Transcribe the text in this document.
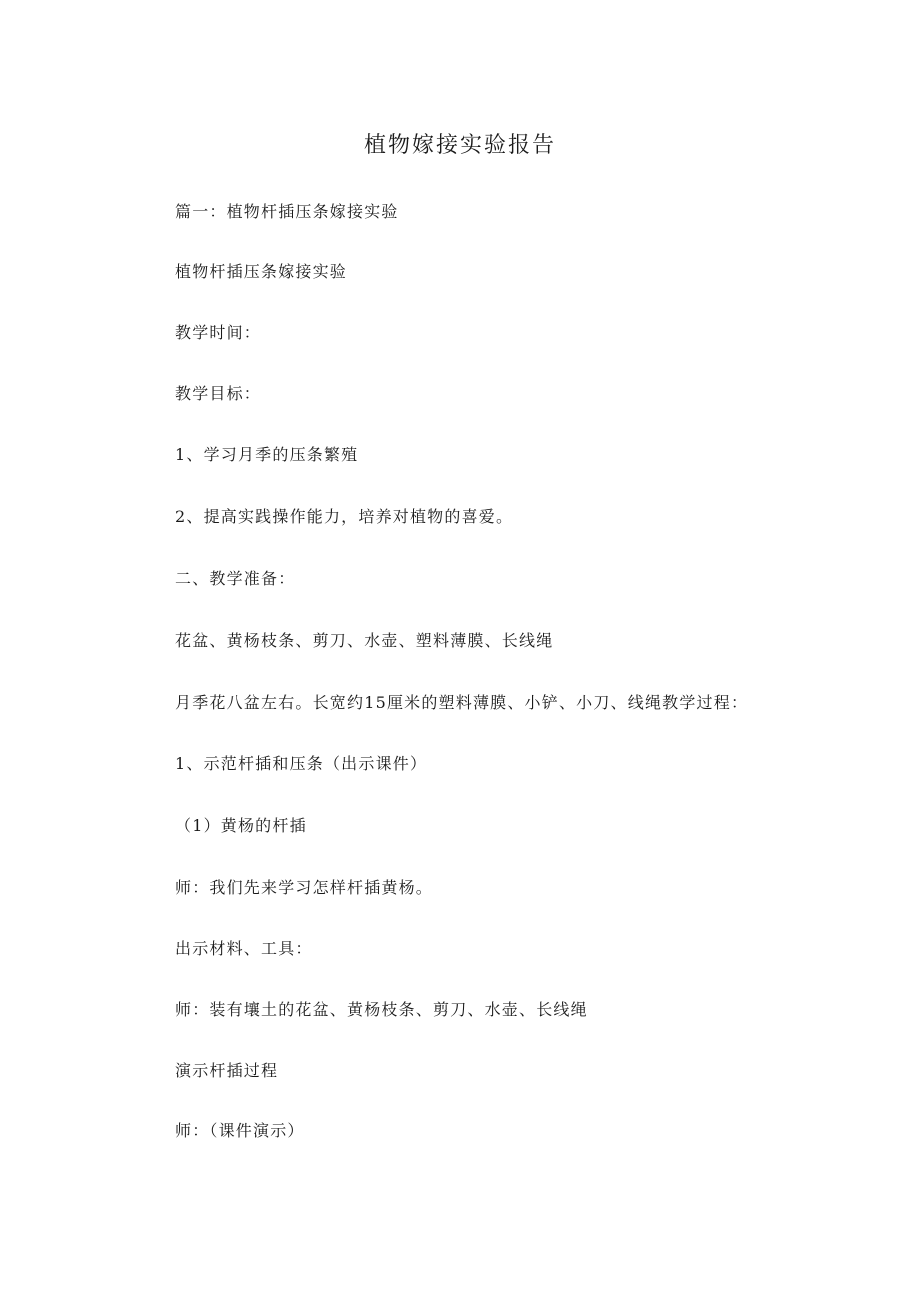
植物嫁接实验报告
篇一：植物杆插压条嫁接实验
植物杆插压条嫁接实验
教学时间：
教学目标：
1、学习月季的压条繁殖
2、提高实践操作能力，培养对植物的喜爱。
二、教学准备：
花盆、黄杨枝条、剪刀、水壶、塑料薄膜、长线绳
月季花八盆左右。长宽约15厘米的塑料薄膜、小铲、小刀、线绳教学过程：
1、示范杆插和压条（出示课件）
（1）黄杨的杆插
师：我们先来学习怎样杆插黄杨。
出示材料、工具：
师：装有壤土的花盆、黄杨枝条、剪刀、水壶、长线绳
演示杆插过程
师：（课件演示）
